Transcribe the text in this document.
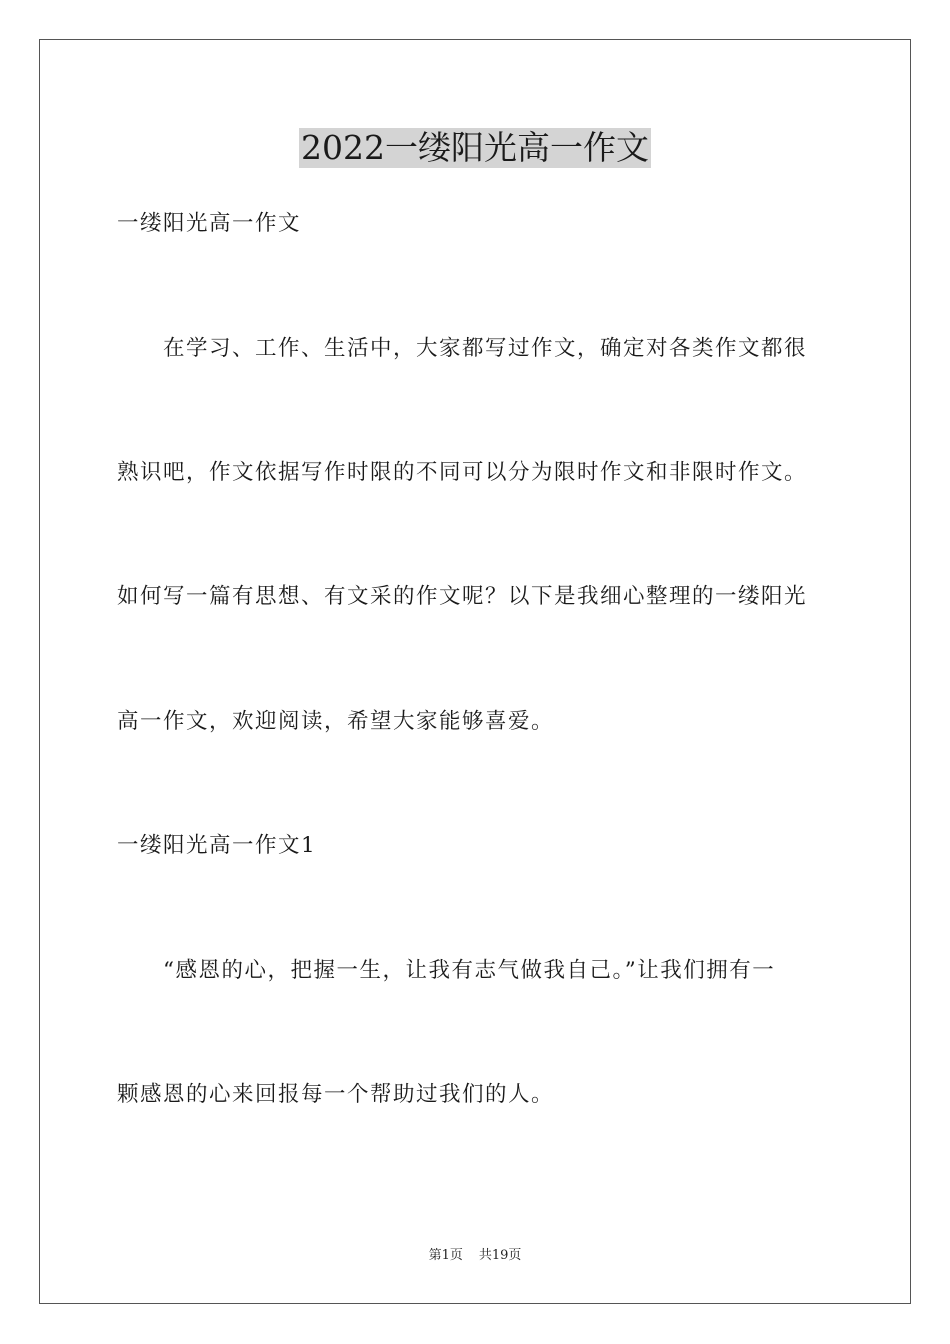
2022一缕阳光高一作文

一缕阳光高一作文

在学习、工作、生活中，大家都写过作文，确定对各类作文都很

熟识吧，作文依据写作时限的不同可以分为限时作文和非限时作文。

如何写一篇有思想、有文采的作文呢？以下是我细心整理的一缕阳光

高一作文，欢迎阅读，希望大家能够喜爱。

一缕阳光高一作文1

“感恩的心，把握一生，让我有志气做我自己。”让我们拥有一

颗感恩的心来回报每一个帮助过我们的人。

第1页 共19页
